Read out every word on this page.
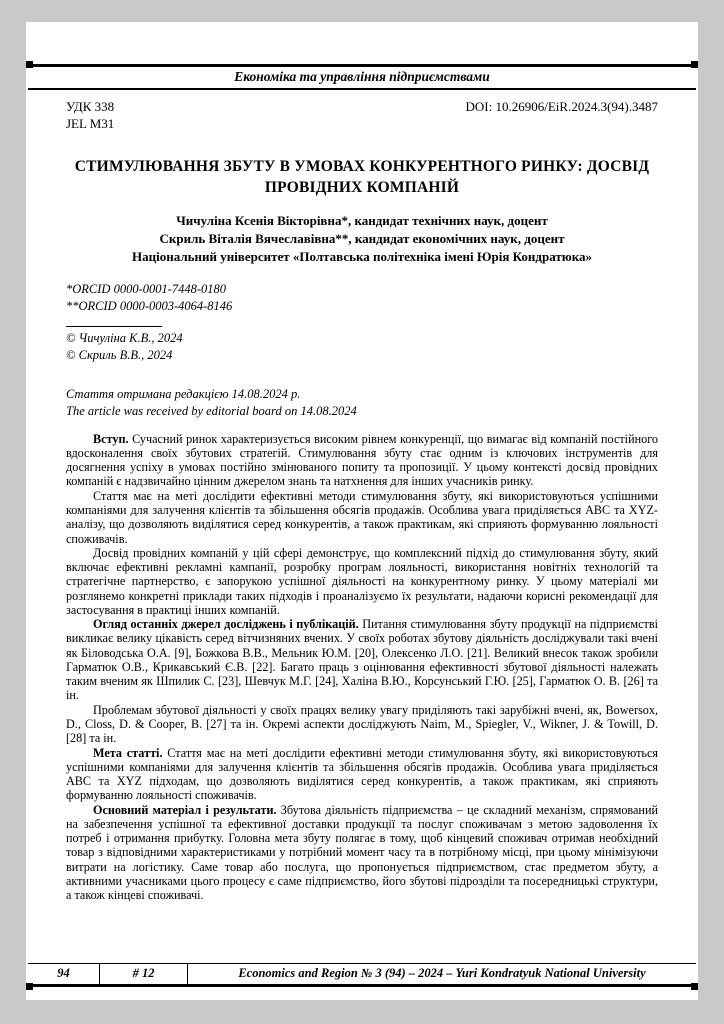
Економіка та управління підприємствами
УДК 338
JEL M31
DOI: 10.26906/EiR.2024.3(94).3487
СТИМУЛЮВАННЯ ЗБУТУ В УМОВАХ КОНКУРЕНТНОГО РИНКУ: ДОСВІД ПРОВІДНИХ КОМПАНІЙ
Чичуліна Ксенія Вікторівна*, кандидат технічних наук, доцент
Скриль Віталія Вячеславівна**, кандидат економічних наук, доцент
Національний університет «Полтавська політехніка імені Юрія Кондратюка»
*ORCID 0000-0001-7448-0180
**ORCID 0000-0003-4064-8146
© Чичуліна К.В., 2024
© Скриль В.В., 2024
Стаття отримана редакцією 14.08.2024 р.
The article was received by editorial board on 14.08.2024

Вступ. Сучасний ринок характеризується високим рівнем конкуренції, що вимагає від компаній постійного вдосконалення своїх збутових стратегій. Стимулювання збуту стає одним із ключових інструментів для досягнення успіху в умовах постійно змінюваного попиту та пропозиції. У цьому контексті досвід провідних компаній є надзвичайно цінним джерелом знань та натхнення для інших учасників ринку.

Стаття має на меті дослідити ефективні методи стимулювання збуту, які використовуються успішними компаніями для залучення клієнтів та збільшення обсягів продажів. Особлива увага приділяється ABC та XYZ-аналізу, що дозволяють виділятися серед конкурентів, а також практикам, які сприяють формуванню лояльності споживачів.

Досвід провідних компаній у цій сфері демонструє, що комплексний підхід до стимулювання збуту, який включає ефективні рекламні кампанії, розробку програм лояльності, використання новітніх технологій та стратегічне партнерство, є запорукою успішної діяльності на конкурентному ринку. У цьому матеріалі ми розглянемо конкретні приклади таких підходів і проаналізуємо їх результати, надаючи корисні рекомендації для застосування в практиці інших компаній.

Огляд останніх джерел досліджень і публікацій. Питання стимулювання збуту продукції на підприємстві викликає велику цікавість серед вітчизняних вчених. У своїх роботах збутову діяльність досліджували такі вчені як Біловодська О.А. [9], Божкова В.В., Мельник Ю.М. [20], Олексенко Л.О. [21]. Великий внесок також зробили Гарматюк О.В., Крикавський Є.В. [22]. Багато праць з оцінювання ефективності збутової діяльності належать таким вченим як Шпилик С. [23], Шевчук М.Г. [24], Халіна В.Ю., Корсунський Г.Ю. [25], Гарматюк О. В. [26] та ін.

Проблемам збутової діяльності у своїх працях велику увагу приділяють такі зарубіжні вчені, як, Bowersox, D., Closs, D. & Cooper, B. [27] та ін. Окремі аспекти досліджують Naim, M., Spiegler, V., Wikner, J. & Towill, D. [28] та ін.

Мета статті. Стаття має на меті дослідити ефективні методи стимулювання збуту, які використовуються успішними компаніями для залучення клієнтів та збільшення обсягів продажів. Особлива увага приділяється ABC та XYZ підходам, що дозволяють виділятися серед конкурентів, а також практикам, які сприяють формуванню лояльності споживачів.

Основний матеріал і результати. Збутова діяльність підприємства – це складний механізм, спрямований на забезпечення успішної та ефективної доставки продукції та послуг споживачам з метою задоволення їх потреб і отримання прибутку. Головна мета збуту полягає в тому, щоб кінцевий споживач отримав необхідний товар з відповідними характеристиками у потрібний момент часу та в потрібному місці, при цьому мінімізуючи витрати на логістику. Саме товар або послуга, що пропонується підприємством, стає предметом збуту, а активними учасниками цього процесу є саме підприємство, його збутові підрозділи та посередницькі структури, а також кінцеві споживачі.

94	# 12	Economics and Region № 3 (94) – 2024 – Yuri Kondratyuk National University
